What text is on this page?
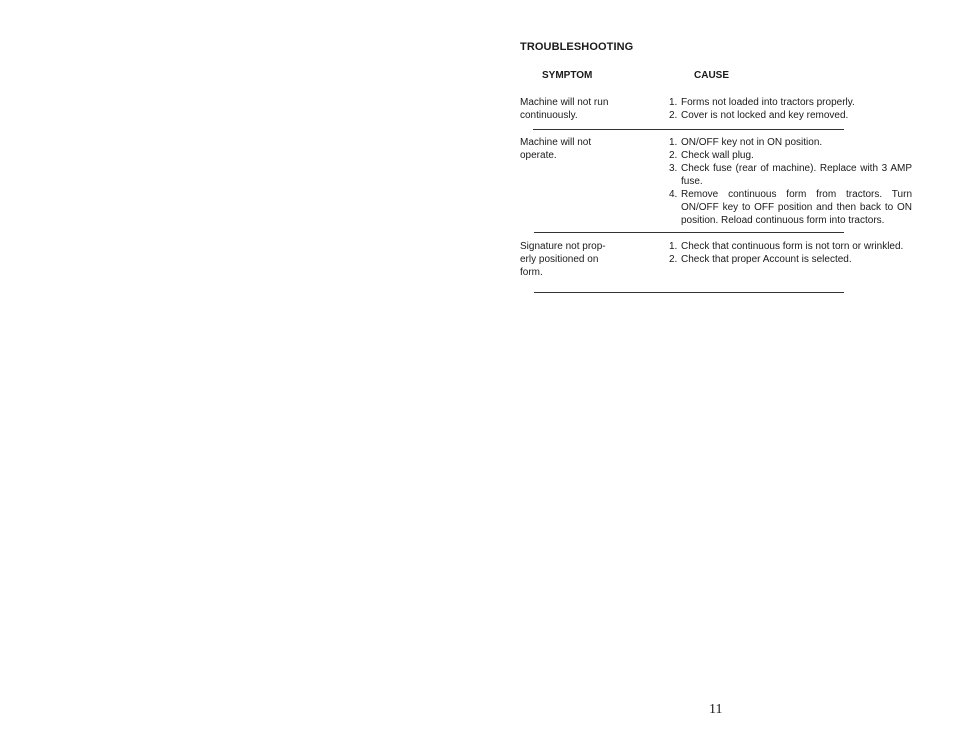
TROUBLESHOOTING
SYMPTOM	CAUSE
Machine will not run
continuously.
1. Forms not loaded into tractors properly.
2. Cover is not locked and key removed.
Machine will not
operate.
1. ON/OFF key not in ON position.
2. Check wall plug.
3. Check fuse (rear of machine). Replace with 3 AMP fuse.
4. Remove continuous form from tractors. Turn ON/OFF key to OFF position and then back to ON position. Reload continuous form into tractors.
Signature not prop-
erly positioned on
form.
1. Check that continuous form is not torn or wrinkled.
2. Check that proper Account is selected.
11
